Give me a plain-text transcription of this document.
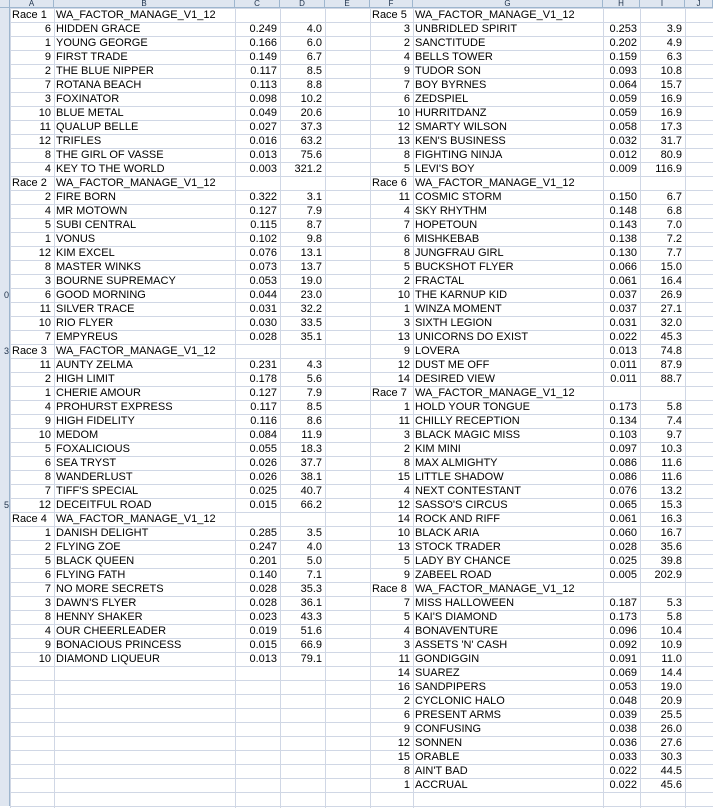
A	B	C	D	E	F	G	H	I	J
0
3
5
Race 1 WA_FACTOR_MANAGE_V1_12
6 HIDDEN GRACE	0.249	4.0
1 YOUNG GEORGE	0.166	6.0
9 FIRST TRADE	0.149	6.7
2 THE BLUE NIPPER	0.117	8.5
7 ROTANA BEACH	0.113	8.8
3 FOXINATOR	0.098	10.2
10 BLUE METAL	0.049	20.6
11 QUALUP BELLE	0.027	37.3
12 TRIFLES	0.016	63.2
8 THE GIRL OF VASSE	0.013	75.6
4 KEY TO THE WORLD	0.003	321.2
Race 2 WA_FACTOR_MANAGE_V1_12
2 FIRE BORN	0.322	3.1
4 MR MOTOWN	0.127	7.9
5 SUBI CENTRAL	0.115	8.7
1 VONUS	0.102	9.8
12 KIM EXCEL	0.076	13.1
8 MASTER WINKS	0.073	13.7
3 BOURNE SUPREMACY	0.053	19.0
6 GOOD MORNING	0.044	23.0
11 SILVER TRACE	0.031	32.2
10 RIO FLYER	0.030	33.5
7 EMPYREUS	0.028	35.1
Race 3 WA_FACTOR_MANAGE_V1_12
11 AUNTY ZELMA	0.231	4.3
2 HIGH LIMIT	0.178	5.6
1 CHERIE AMOUR	0.127	7.9
4 PROHURST EXPRESS	0.117	8.5
9 HIGH FIDELITY	0.116	8.6
10 MEDOM	0.084	11.9
5 FOXALICIOUS	0.055	18.3
6 SEA TRYST	0.026	37.7
8 WANDERLUST	0.026	38.1
7 TIFF'S SPECIAL	0.025	40.7
12 DECEITFUL ROAD	0.015	66.2
Race 4 WA_FACTOR_MANAGE_V1_12
1 DANISH DELIGHT	0.285	3.5
2 FLYING ZOE	0.247	4.0
5 BLACK QUEEN	0.201	5.0
6 FLYING FATH	0.140	7.1
7 NO MORE SECRETS	0.028	35.3
3 DAWN'S FLYER	0.028	36.1
8 HENNY SHAKER	0.023	43.3
4 OUR CHEERLEADER	0.019	51.6
9 BONACIOUS PRINCESS	0.015	66.9
10 DIAMOND LIQUEUR	0.013	79.1
Race 5 WA_FACTOR_MANAGE_V1_12
3 UNBRIDLED SPIRIT	0.253	3.9
2 SANCTITUDE	0.202	4.9
4 BELLS TOWER	0.159	6.3
9 TUDOR SON	0.093	10.8
7 BOY BYRNES	0.064	15.7
6 ZEDSPIEL	0.059	16.9
10 HURRITDANZ	0.059	16.9
12 SMARTY WILSON	0.058	17.3
13 KEN'S BUSINESS	0.032	31.7
8 FIGHTING NINJA	0.012	80.9
5 LEVI'S BOY	0.009	116.9
Race 6 WA_FACTOR_MANAGE_V1_12
11 COSMIC STORM	0.150	6.7
4 SKY RHYTHM	0.148	6.8
7 HOPETOUN	0.143	7.0
6 MISHKEBAB	0.138	7.2
8 JUNGFRAU GIRL	0.130	7.7
5 BUCKSHOT FLYER	0.066	15.0
2 FRACTAL	0.061	16.4
10 THE KARNUP KID	0.037	26.9
1 WINZA MOMENT	0.037	27.1
3 SIXTH LEGION	0.031	32.0
13 UNICORNS DO EXIST	0.022	45.3
9 LOVERA	0.013	74.8
12 DUST ME OFF	0.011	87.9
14 DESIRED VIEW	0.011	88.7
Race 7 WA_FACTOR_MANAGE_V1_12
1 HOLD YOUR TONGUE	0.173	5.8
11 CHILLY RECEPTION	0.134	7.4
3 BLACK MAGIC MISS	0.103	9.7
2 KIM MINI	0.097	10.3
8 MAX ALMIGHTY	0.086	11.6
15 LITTLE SHADOW	0.086	11.6
4 NEXT CONTESTANT	0.076	13.2
12 SASSO'S CIRCUS	0.065	15.3
14 ROCK AND RIFF	0.061	16.3
10 BLACK ARIA	0.060	16.7
13 STOCK TRADER	0.028	35.6
5 LADY BY CHANCE	0.025	39.8
9 ZABEEL ROAD	0.005	202.9
Race 8 WA_FACTOR_MANAGE_V1_12
7 MISS HALLOWEEN	0.187	5.3
5 KAI'S DIAMOND	0.173	5.8
4 BONAVENTURE	0.096	10.4
3 ASSETS 'N' CASH	0.092	10.9
11 GONDIGGIN	0.091	11.0
14 SUAREZ	0.069	14.4
16 SANDPIPERS	0.053	19.0
2 CYCLONIC HALO	0.048	20.9
6 PRESENT ARMS	0.039	25.5
9 CONFUSING	0.038	26.0
12 SONNEN	0.036	27.6
15 ORABLE	0.033	30.3
8 AIN'T BAD	0.022	44.5
1 ACCRUAL	0.022	45.6
